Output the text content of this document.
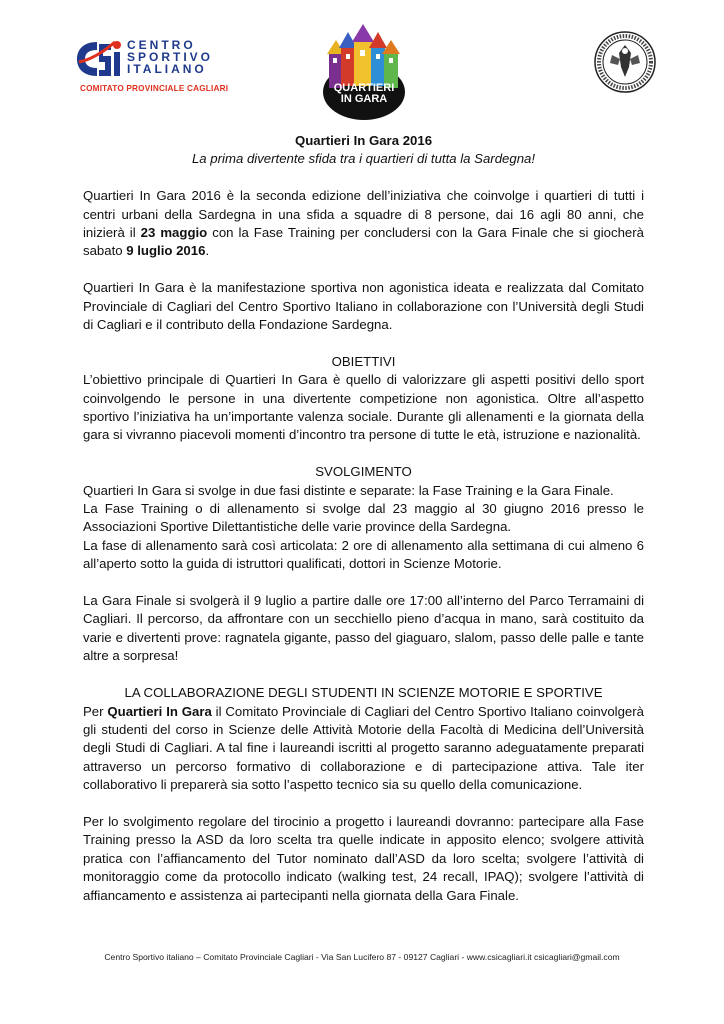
CENTRO
SPORTIVO
ITALIANO
COMITATO PROVINCIALE CAGLIARI	QUARTIERI
IN GARA

Quartieri In Gara 2016

La prima divertente sfida tra i quartieri di tutta la Sardegna!

Quartieri In Gara 2016 è la seconda edizione dell’iniziativa che coinvolge i quartieri di tutti i centri urbani della Sardegna in una sfida a squadre di 8 persone, dai 16 agli 80 anni, che inizierà il 23 maggio con la Fase Training per concludersi con la Gara Finale che si giocherà sabato 9 luglio 2016.

Quartieri In Gara è la manifestazione sportiva non agonistica ideata e realizzata dal Comitato Provinciale di Cagliari del Centro Sportivo Italiano in collaborazione con l’Università degli Studi di Cagliari e il contributo della Fondazione Sardegna.

OBIETTIVI

L’obiettivo principale di Quartieri In Gara è quello di valorizzare gli aspetti positivi dello sport coinvolgendo le persone in una divertente competizione non agonistica. Oltre all’aspetto sportivo l’iniziativa ha un’importante valenza sociale. Durante gli allenamenti e la giornata della gara si vivranno piacevoli momenti d’incontro tra persone di tutte le età, istruzione e nazionalità.

SVOLGIMENTO

Quartieri In Gara si svolge in due fasi distinte e separate: la Fase Training e la Gara Finale.

La Fase Training o di allenamento si svolge dal 23 maggio al 30 giugno 2016 presso le Associazioni Sportive Dilettantistiche delle varie province della Sardegna.

La fase di allenamento sarà così articolata: 2 ore di allenamento alla settimana di cui almeno 6 all’aperto sotto la guida di istruttori qualificati, dottori in Scienze Motorie.

La Gara Finale si svolgerà il 9 luglio a partire dalle ore 17:00 all’interno del Parco Terramaini di Cagliari. Il percorso, da affrontare con un secchiello pieno d’acqua in mano, sarà costituito da varie e divertenti prove: ragnatela gigante, passo del giaguaro, slalom, passo delle palle e tante altre a sorpresa!

LA COLLABORAZIONE DEGLI STUDENTI IN SCIENZE MOTORIE E SPORTIVE

Per Quartieri In Gara il Comitato Provinciale di Cagliari del Centro Sportivo Italiano coinvolgerà gli studenti del corso in Scienze delle Attività Motorie della Facoltà di Medicina dell’Università degli Studi di Cagliari. A tal fine i laureandi iscritti al progetto saranno adeguatamente preparati attraverso un percorso formativo di collaborazione e di partecipazione attiva. Tale iter collaborativo li preparerà sia sotto l’aspetto tecnico sia su quello della comunicazione.

Per lo svolgimento regolare del tirocinio a progetto i laureandi dovranno: partecipare alla Fase Training presso la ASD da loro scelta tra quelle indicate in apposito elenco; svolgere attività pratica con l’affiancamento del Tutor nominato dall’ASD da loro scelta; svolgere l’attività di monitoraggio come da protocollo indicato (walking test, 24 recall, IPAQ); svolgere l’attività di affiancamento e assistenza ai partecipanti nella giornata della Gara Finale.

Centro Sportivo italiano – Comitato Provinciale Cagliari - Via San Lucifero 87 - 09127 Cagliari - www.csicagliari.it csicagliari@gmail.com
